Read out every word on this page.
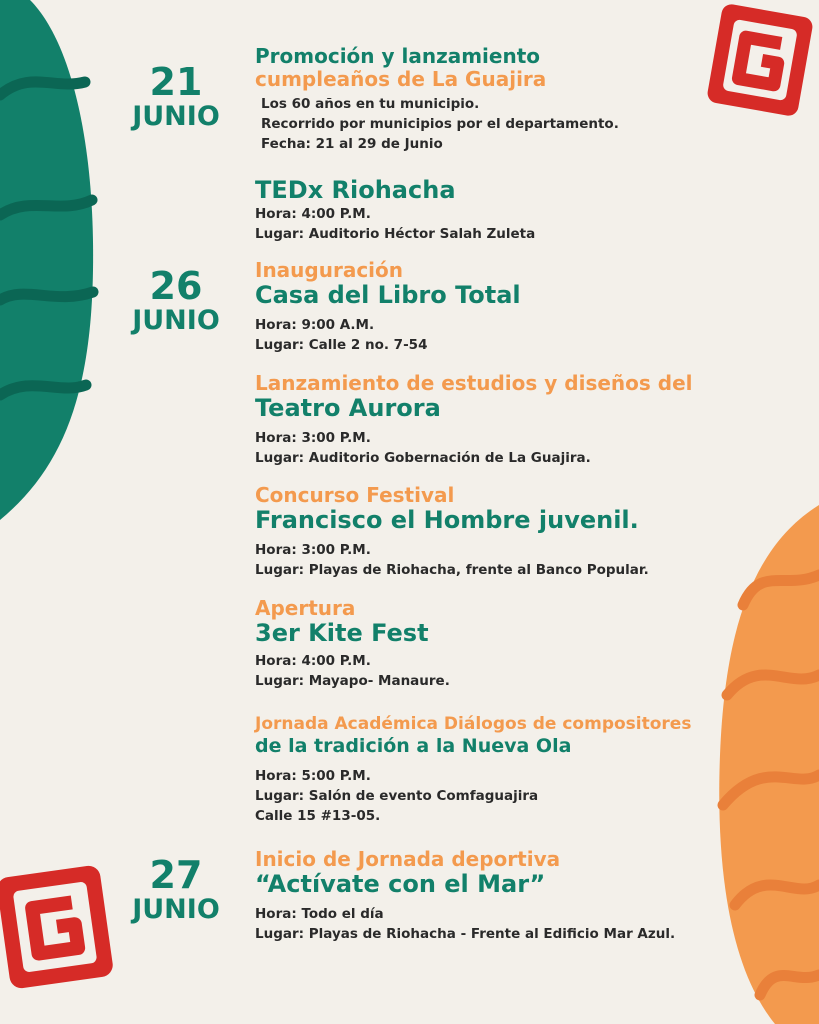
21
JUNIO
26
JUNIO
27
JUNIO
Promoción y lanzamiento
cumpleaños de La Guajira
Los 60 años en tu municipio.
Recorrido por municipios por el departamento.
Fecha: 21 al 29 de Junio
TEDx Riohacha
Hora: 4:00 P.M.
Lugar: Auditorio Héctor Salah Zuleta
Inauguración
Casa del Libro Total
Hora: 9:00 A.M.
Lugar: Calle 2 no. 7-54
Lanzamiento de estudios y diseños del
Teatro Aurora
Hora: 3:00 P.M.
Lugar: Auditorio Gobernación de La Guajira.
Concurso Festival
Francisco el Hombre juvenil.
Hora: 3:00 P.M.
Lugar: Playas de Riohacha, frente al Banco Popular.
Apertura
3er Kite Fest
Hora: 4:00 P.M.
Lugar: Mayapo- Manaure.
Jornada Académica Diálogos de compositores
de la tradición a la Nueva Ola
Hora: 5:00 P.M.
Lugar: Salón de evento Comfaguajira
Calle 15 #13-05.
Inicio de Jornada deportiva
“Actívate con el Mar”
Hora: Todo el día
Lugar: Playas de Riohacha - Frente al Edificio Mar Azul.
